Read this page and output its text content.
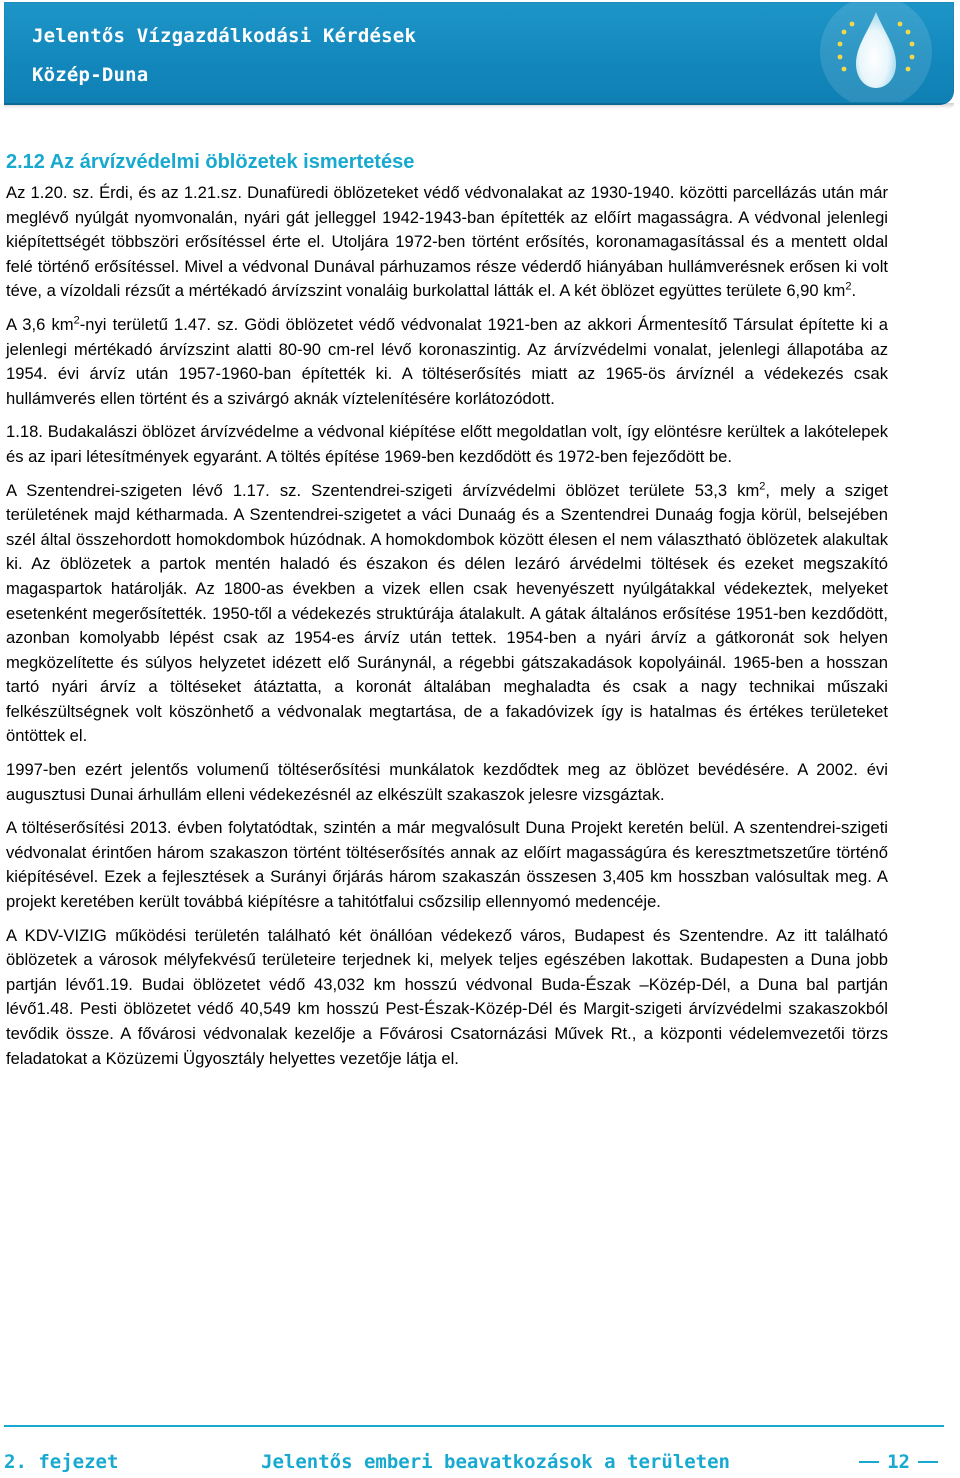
Jelentős Vízgazdálkodási Kérdések
Közép-Duna
2.12 Az árvízvédelmi öblözetek ismertetése

Az 1.20. sz. Érdi, és az 1.21.sz. Dunafüredi öblözeteket védő védvonalakat az 1930-1940. közötti parcellázás után már meglévő nyúlgát nyomvonalán, nyári gát jelleggel 1942-1943-ban építették az előírt magasságra. A védvonal jelenlegi kiépítettségét többszöri erősítéssel érte el. Utoljára 1972-ben történt erősítés, koronamagasítással és a mentett oldal felé történő erősítéssel. Mivel a védvonal Dunával párhuzamos része véderdő hiányában hullámverésnek erősen ki volt téve, a vízoldali rézsűt a mértékadó árvízszint vonaláig burkolattal látták el. A két öblözet együttes területe 6,90 $km^2$.

A 3,6 $km^2$-nyi területű 1.47. sz. Gödi öblözetet védő védvonalat 1921-ben az akkori Ármentesítő Társulat építette ki a jelenlegi mértékadó árvízszint alatti 80-90 cm-rel lévő koronaszintig. Az árvízvédelmi vonalat, jelenlegi állapotába az 1954. évi árvíz után 1957-1960-ban építették ki. A töltéserősítés miatt az 1965-ös árvíznél a védekezés csak hullámverés ellen történt és a szivárgó aknák víztelenítésére korlátozódott.

1.18. Budakalászi öblözet árvízvédelme a védvonal kiépítése előtt megoldatlan volt, így elöntésre kerültek a lakótelepek és az ipari létesítmények egyaránt. A töltés építése 1969-ben kezdődött és 1972-ben fejeződött be.

A Szentendrei-szigeten lévő 1.17. sz. Szentendrei-szigeti árvízvédelmi öblözet területe 53,3 $km^2$, mely a sziget területének majd kétharmada. A Szentendrei-szigetet a váci Dunaág és a Szentendrei Dunaág fogja körül, belsejében szél által összehordott homokdombok húzódnak. A homokdombok között élesen el nem választható öblözetek alakultak ki. Az öblözetek a partok mentén haladó és északon és délen lezáró árvédelmi töltések és ezeket megszakító magaspartok határolják. Az 1800-as években a vizek ellen csak hevenyészett nyúlgátakkal védekeztek, melyeket esetenként megerősítették. 1950-től a védekezés struktúrája átalakult. A gátak általános erősítése 1951-ben kezdődött, azonban komolyabb lépést csak az 1954-es árvíz után tettek. 1954-ben a nyári árvíz a gátkoronát sok helyen megközelítette és súlyos helyzetet idézett elő Suránynál, a régebbi gátszakadások kopolyáinál. 1965-ben a hosszan tartó nyári árvíz a töltéseket átáztatta, a koronát általában meghaladta és csak a nagy technikai műszaki felkészültségnek volt köszönhető a védvonalak megtartása, de a fakadóvizek így is hatalmas és értékes területeket öntöttek el.

1997-ben ezért jelentős volumenű töltéserősítési munkálatok kezdődtek meg az öblözet bevédésére. A 2002. évi augusztusi Dunai árhullám elleni védekezésnél az elkészült szakaszok jelesre vizsgáztak.

A töltéserősítési 2013. évben folytatódtak, szintén a már megvalósult Duna Projekt keretén belül. A szentendrei-szigeti védvonalat érintően három szakaszon történt töltéserősítés annak az előírt magasságúra és keresztmetszetűre történő kiépítésével. Ezek a fejlesztések a Surányi őrjárás három szakaszán összesen 3,405 km hosszban valósultak meg. A projekt keretében került továbbá kiépítésre a tahitótfalui csőzsilip ellennyomó medencéje.

A KDV-VIZIG működési területén található két önállóan védekező város, Budapest és Szentendre. Az itt található öblözetek a városok mélyfekvésű területeire terjednek ki, melyek teljes egészében lakottak. Budapesten a Duna jobb partján lévő1.19. Budai öblözetet védő 43,032 km hosszú védvonal Buda-Észak –Közép-Dél, a Duna bal partján lévő1.48. Pesti öblözetet védő 40,549 km hosszú Pest-Észak-Közép-Dél és Margit-szigeti árvízvédelmi szakaszokból tevődik össze. A fővárosi védvonalak kezelője a Fővárosi Csatornázási Művek Rt., a központi védelemvezetői törzs feladatokat a Közüzemi Ügyosztály helyettes vezetője látja el.

2. fejezet	Jelentős emberi beavatkozások a területen	12
